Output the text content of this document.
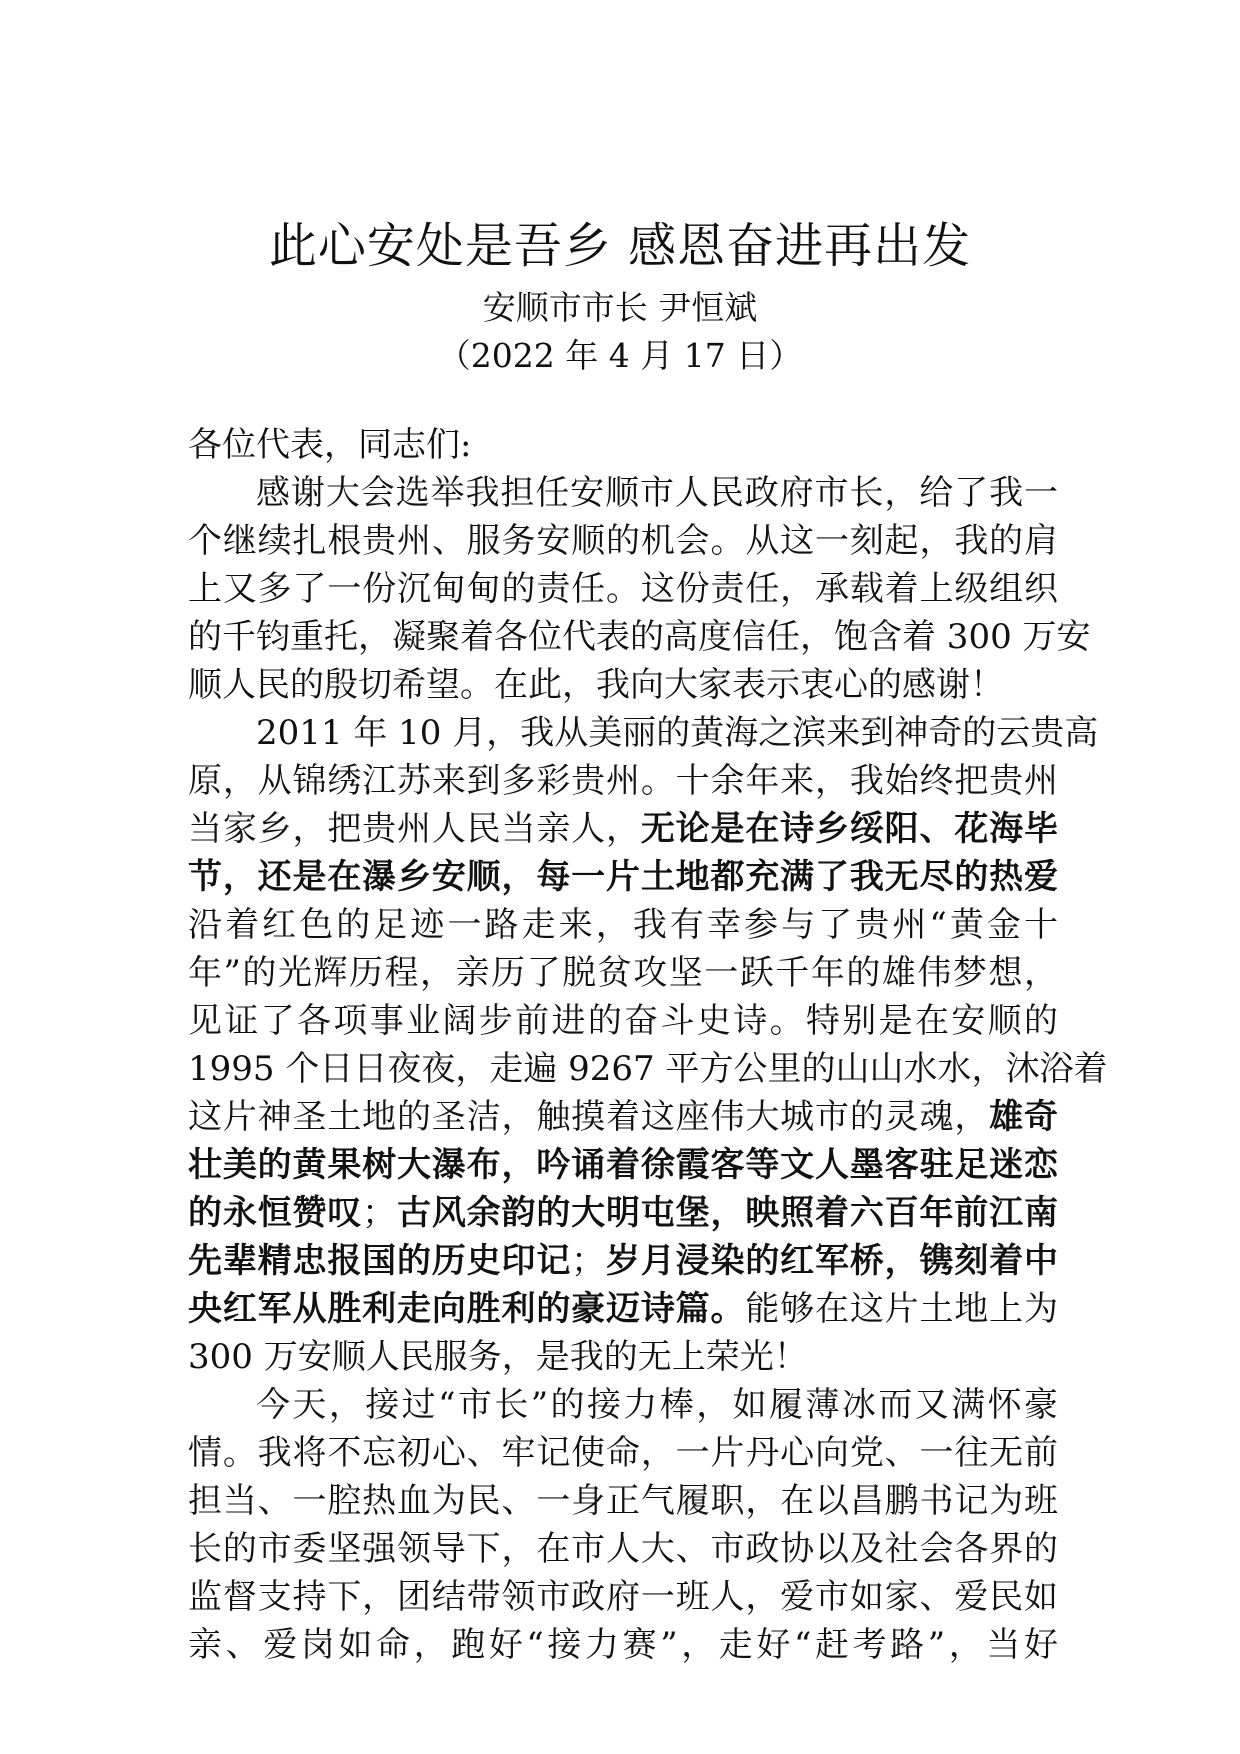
此心安处是吾乡 感恩奋进再出发
安顺市市长 尹恒斌
（2022 年 4 月 17 日）
各位代表，同志们:
感谢大会选举我担任安顺市人民政府市长，给了我一
个继续扎根贵州、服务安顺的机会。从这一刻起，我的肩
上又多了一份沉甸甸的责任。这份责任，承载着上级组织
的千钧重托，凝聚着各位代表的高度信任，饱含着 300 万安
顺人民的殷切希望。在此，我向大家表示衷心的感谢！
2011 年 10 月，我从美丽的黄海之滨来到神奇的云贵高
原，从锦绣江苏来到多彩贵州。十余年来，我始终把贵州
当家乡，把贵州人民当亲人，无论是在诗乡绥阳、花海毕
节，还是在瀑乡安顺，每一片土地都充满了我无尽的热爱
沿着红色的足迹一路走来，我有幸参与了贵州“黄金十
年”的光辉历程，亲历了脱贫攻坚一跃千年的雄伟梦想，
见证了各项事业阔步前进的奋斗史诗。特别是在安顺的
1995 个日日夜夜，走遍 9267 平方公里的山山水水，沐浴着
这片神圣土地的圣洁，触摸着这座伟大城市的灵魂，雄奇
壮美的黄果树大瀑布，吟诵着徐霞客等文人墨客驻足迷恋
的永恒赞叹；古风余韵的大明屯堡，映照着六百年前江南
先辈精忠报国的历史印记；岁月浸染的红军桥，镌刻着中
央红军从胜利走向胜利的豪迈诗篇。能够在这片土地上为
300 万安顺人民服务，是我的无上荣光！
今天，接过“市长”的接力棒，如履薄冰而又满怀豪
情。我将不忘初心、牢记使命，一片丹心向党、一往无前
担当、一腔热血为民、一身正气履职，在以昌鹏书记为班
长的市委坚强领导下，在市人大、市政协以及社会各界的
监督支持下，团结带领市政府一班人，爱市如家、爱民如
亲、爱岗如命，跑好“接力赛”，走好“赶考路”，当好
